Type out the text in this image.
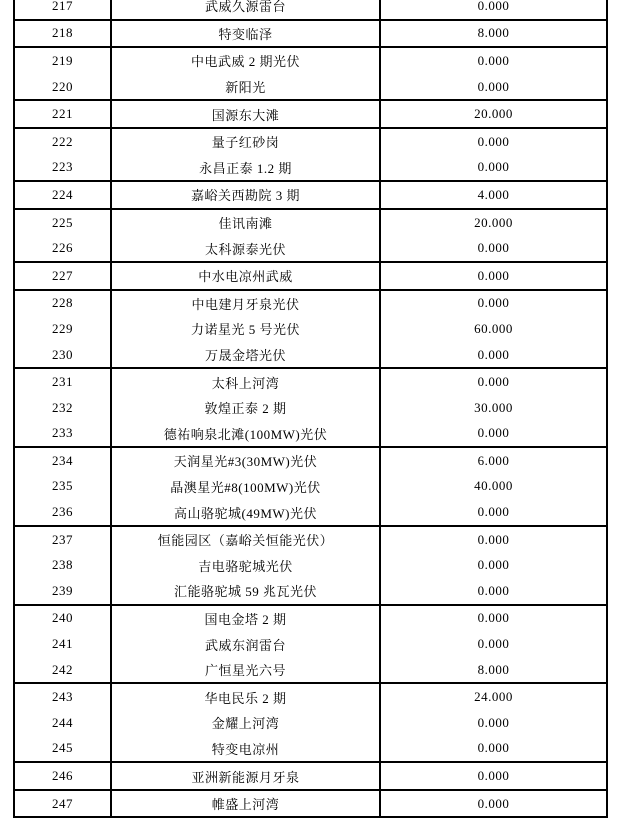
217	武威久源雷台	0.000
218	特变临泽	8.000
219	中电武威 2 期光伏	0.000
220	新阳光	0.000
221	国源东大滩	20.000
222	量子红砂岗	0.000
223	永昌正泰 1.2 期	0.000
224	嘉峪关西勘院 3 期	4.000
225	佳讯南滩	20.000
226	太科源泰光伏	0.000
227	中水电凉州武威	0.000
228	中电建月牙泉光伏	0.000
229	力诺星光 5 号光伏	60.000
230	万晟金塔光伏	0.000
231	太科上河湾	0.000
232	敦煌正泰 2 期	30.000
233	德祐响泉北滩(100MW)光伏	0.000
234	天润星光#3(30MW)光伏	6.000
235	晶澳星光#8(100MW)光伏	40.000
236	高山骆驼城(49MW)光伏	0.000
237	恒能园区（嘉峪关恒能光伏）	0.000
238	吉电骆驼城光伏	0.000
239	汇能骆驼城 59 兆瓦光伏	0.000
240	国电金塔 2 期	0.000
241	武威东润雷台	0.000
242	广恒星光六号	8.000
243	华电民乐 2 期	24.000
244	金耀上河湾	0.000
245	特变电凉州	0.000
246	亚洲新能源月牙泉	0.000
247	帷盛上河湾	0.000
